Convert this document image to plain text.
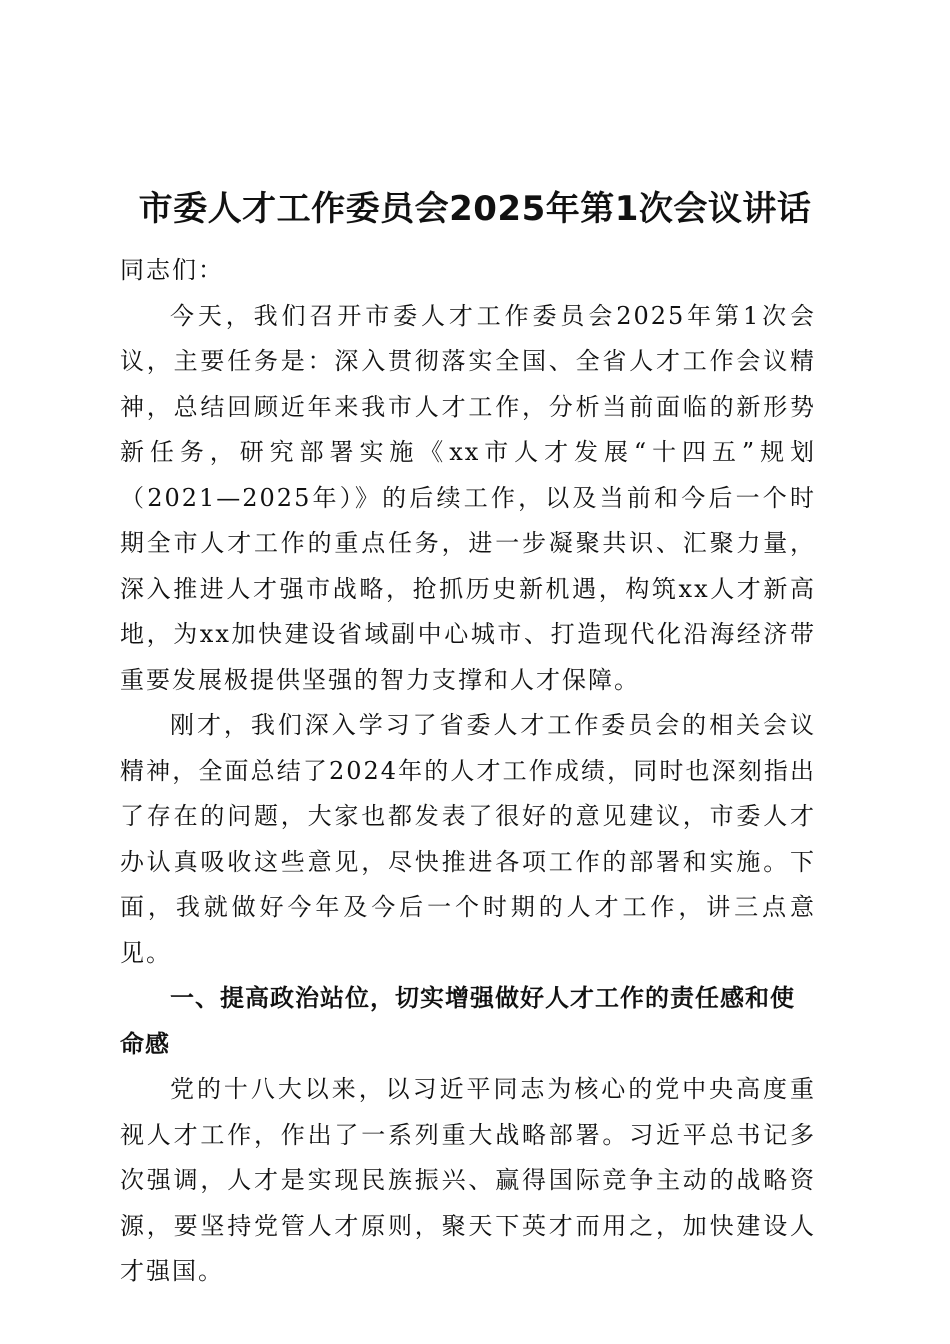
市委人才工作委员会2025年第1次会议讲话

同志们：

今天，我们召开市委人才工作委员会2025年第1次会议，主要任务是：深入贯彻落实全国、全省人才工作会议精神，总结回顾近年来我市人才工作，分析当前面临的新形势新任务，研究部署实施《xx市人才发展“十四五”规划（2021—2025年）》的后续工作，以及当前和今后一个时期全市人才工作的重点任务，进一步凝聚共识、汇聚力量，深入推进人才强市战略，抢抓历史新机遇，构筑xx人才新高地，为xx加快建设省域副中心城市、打造现代化沿海经济带重要发展极提供坚强的智力支撑和人才保障。

刚才，我们深入学习了省委人才工作委员会的相关会议精神，全面总结了2024年的人才工作成绩，同时也深刻指出了存在的问题，大家也都发表了很好的意见建议，市委人才办认真吸收这些意见，尽快推进各项工作的部署和实施。下面，我就做好今年及今后一个时期的人才工作，讲三点意见。

一、提高政治站位，切实增强做好人才工作的责任感和使命感

党的十八大以来，以习近平同志为核心的党中央高度重视人才工作，作出了一系列重大战略部署。习近平总书记多次强调，人才是实现民族振兴、赢得国际竞争主动的战略资源，要坚持党管人才原则，聚天下英才而用之，加快建设人才强国。
